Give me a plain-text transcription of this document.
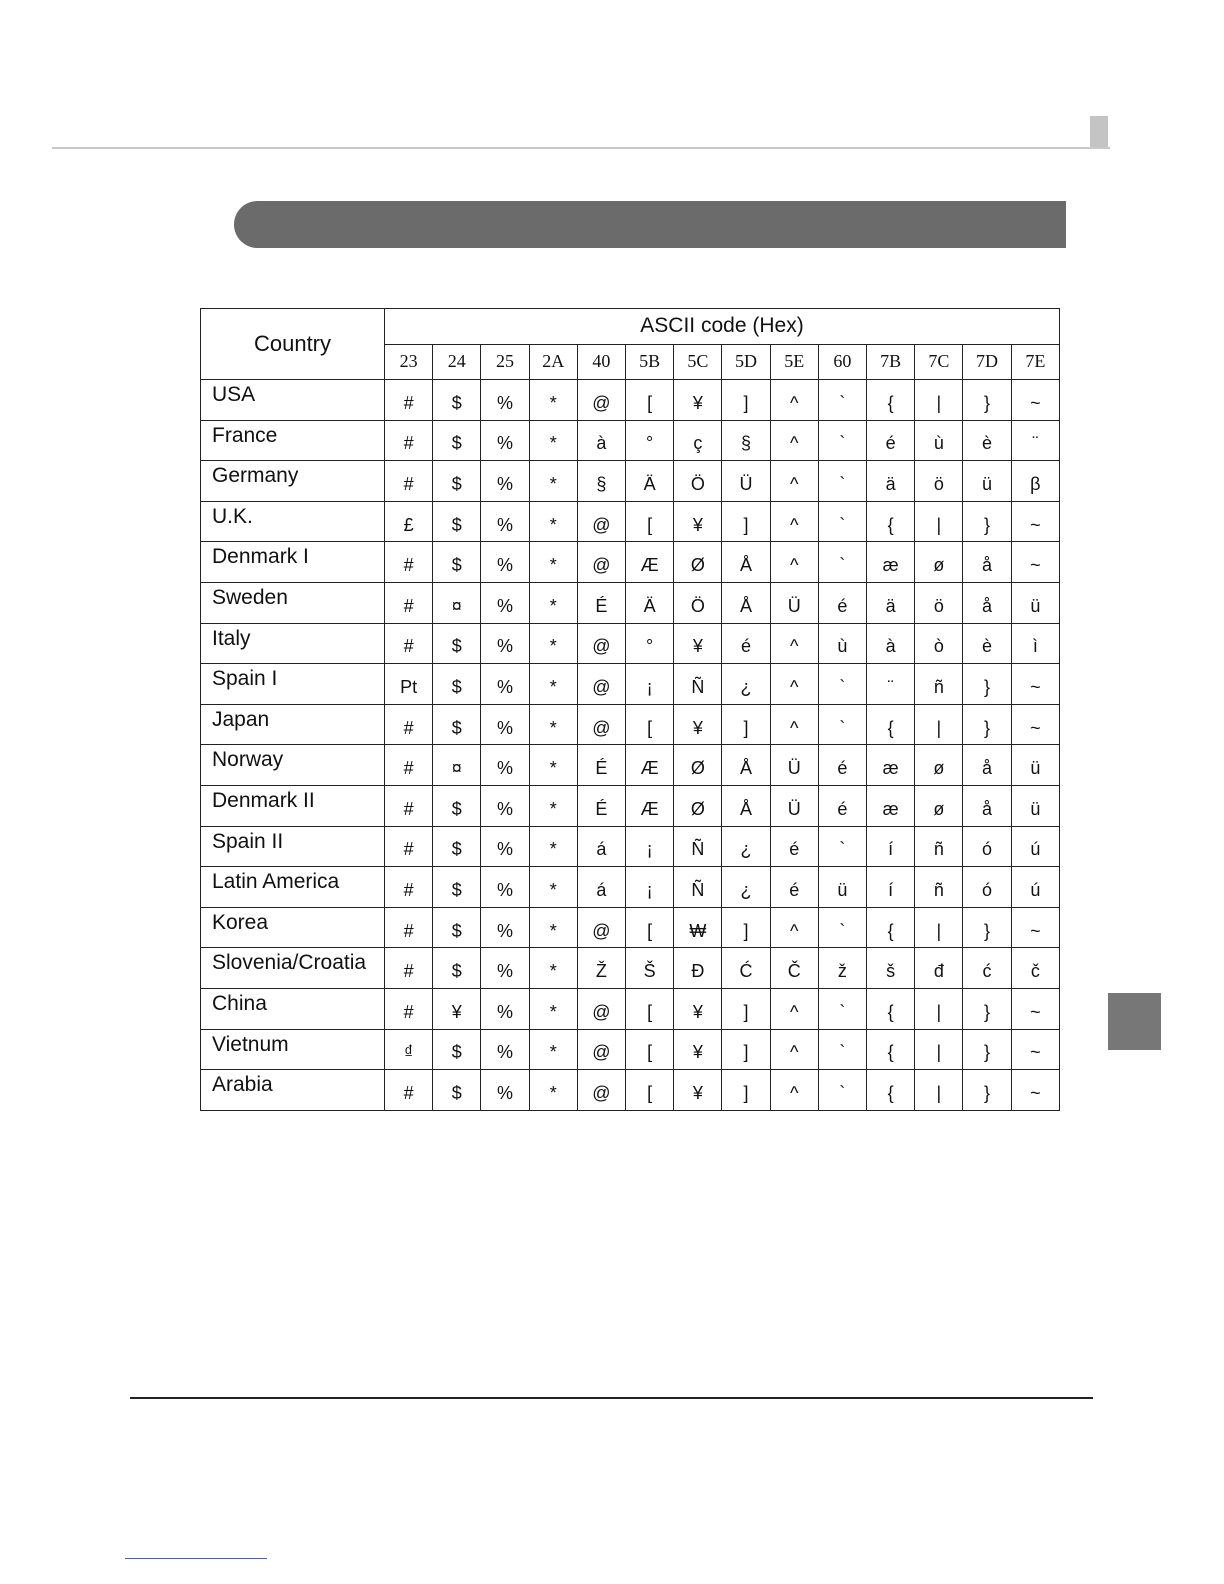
Country	ASCII code (Hex)													
	23	24	25	2A	40	5B	5C	5D	5E	60	7B	7C	7D	7E
USA	#	$	%	*	@	[	¥	]	^	`	{	|	}	~
France	#	$	%	*	à	°	ç	§	^	`	é	ù	è	¨
Germany	#	$	%	*	§	Ä	Ö	Ü	^	`	ä	ö	ü	β
U.K.	£	$	%	*	@	[	¥	]	^	`	{	|	}	~
Denmark I	#	$	%	*	@	Æ	Ø	Å	^	`	æ	ø	å	~
Sweden	#	¤	%	*	É	Ä	Ö	Å	Ü	é	ä	ö	å	ü
Italy	#	$	%	*	@	°	¥	é	^	ù	à	ò	è	ì
Spain I	Pt	$	%	*	@	¡	Ñ	¿	^	`	¨	ñ	}	~
Japan	#	$	%	*	@	[	¥	]	^	`	{	|	}	~
Norway	#	¤	%	*	É	Æ	Ø	Å	Ü	é	æ	ø	å	ü
Denmark II	#	$	%	*	É	Æ	Ø	Å	Ü	é	æ	ø	å	ü
Spain II	#	$	%	*	á	¡	Ñ	¿	é	`	í	ñ	ó	ú
Latin America	#	$	%	*	á	¡	Ñ	¿	é	ü	í	ñ	ó	ú
Korea	#	$	%	*	@	[	₩	]	^	`	{	|	}	~
Slovenia/Croatia	#	$	%	*	Ž	Š	Đ	Ć	Č	ž	š	đ	ć	č
China	#	¥	%	*	@	[	¥	]	^	`	{	|	}	~
Vietnum	₫	$	%	*	@	[	¥	]	^	`	{	|	}	~
Arabia	#	$	%	*	@	[	¥	]	^	`	{	|	}	~
